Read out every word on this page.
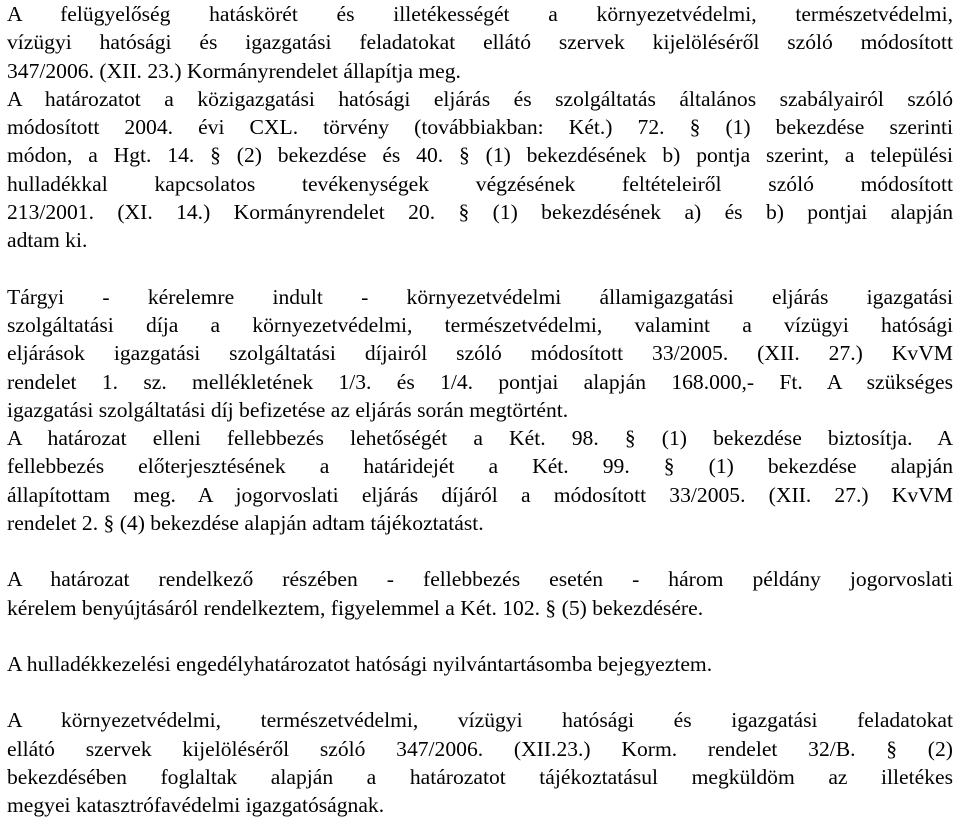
A felügyelőség hatáskörét és illetékességét a környezetvédelmi, természetvédelmi,
vízügyi hatósági és igazgatási feladatokat ellátó szervek kijelöléséről szóló módosított
347/2006. (XII. 23.) Kormányrendelet állapítja meg.
A határozatot a közigazgatási hatósági eljárás és szolgáltatás általános szabályairól szóló
módosított 2004. évi CXL. törvény (továbbiakban: Két.) 72. § (1) bekezdése szerinti
módon, a Hgt. 14. § (2) bekezdése és 40. § (1) bekezdésének b) pontja szerint, a települési
hulladékkal kapcsolatos tevékenységek végzésének feltételeiről szóló módosított
213/2001. (XI. 14.) Kormányrendelet 20. § (1) bekezdésének a) és b) pontjai alapján
adtam ki.
Tárgyi - kérelemre indult - környezetvédelmi államigazgatási eljárás igazgatási
szolgáltatási díja a környezetvédelmi, természetvédelmi, valamint a vízügyi hatósági
eljárások igazgatási szolgáltatási díjairól szóló módosított 33/2005. (XII. 27.) KvVM
rendelet 1. sz. mellékletének 1/3. és 1/4. pontjai alapján 168.000,- Ft. A szükséges
igazgatási szolgáltatási díj befizetése az eljárás során megtörtént.
A határozat elleni fellebbezés lehetőségét a Két. 98. § (1) bekezdése biztosítja. A
fellebbezés előterjesztésének a határidejét a Két. 99. § (1) bekezdése alapján
állapítottam meg. A jogorvoslati eljárás díjáról a módosított 33/2005. (XII. 27.) KvVM
rendelet 2. § (4) bekezdése alapján adtam tájékoztatást.
A határozat rendelkező részében - fellebbezés esetén - három példány jogorvoslati
kérelem benyújtásáról rendelkeztem, figyelemmel a Két. 102. § (5) bekezdésére.
A hulladékkezelési engedélyhatározatot hatósági nyilvántartásomba bejegyeztem.
A környezetvédelmi, természetvédelmi, vízügyi hatósági és igazgatási feladatokat
ellátó szervek kijelöléséről szóló 347/2006. (XII.23.) Korm. rendelet 32/B. § (2)
bekezdésében foglaltak alapján a határozatot tájékoztatásul megküldöm az illetékes
megyei katasztrófavédelmi igazgatóságnak.
